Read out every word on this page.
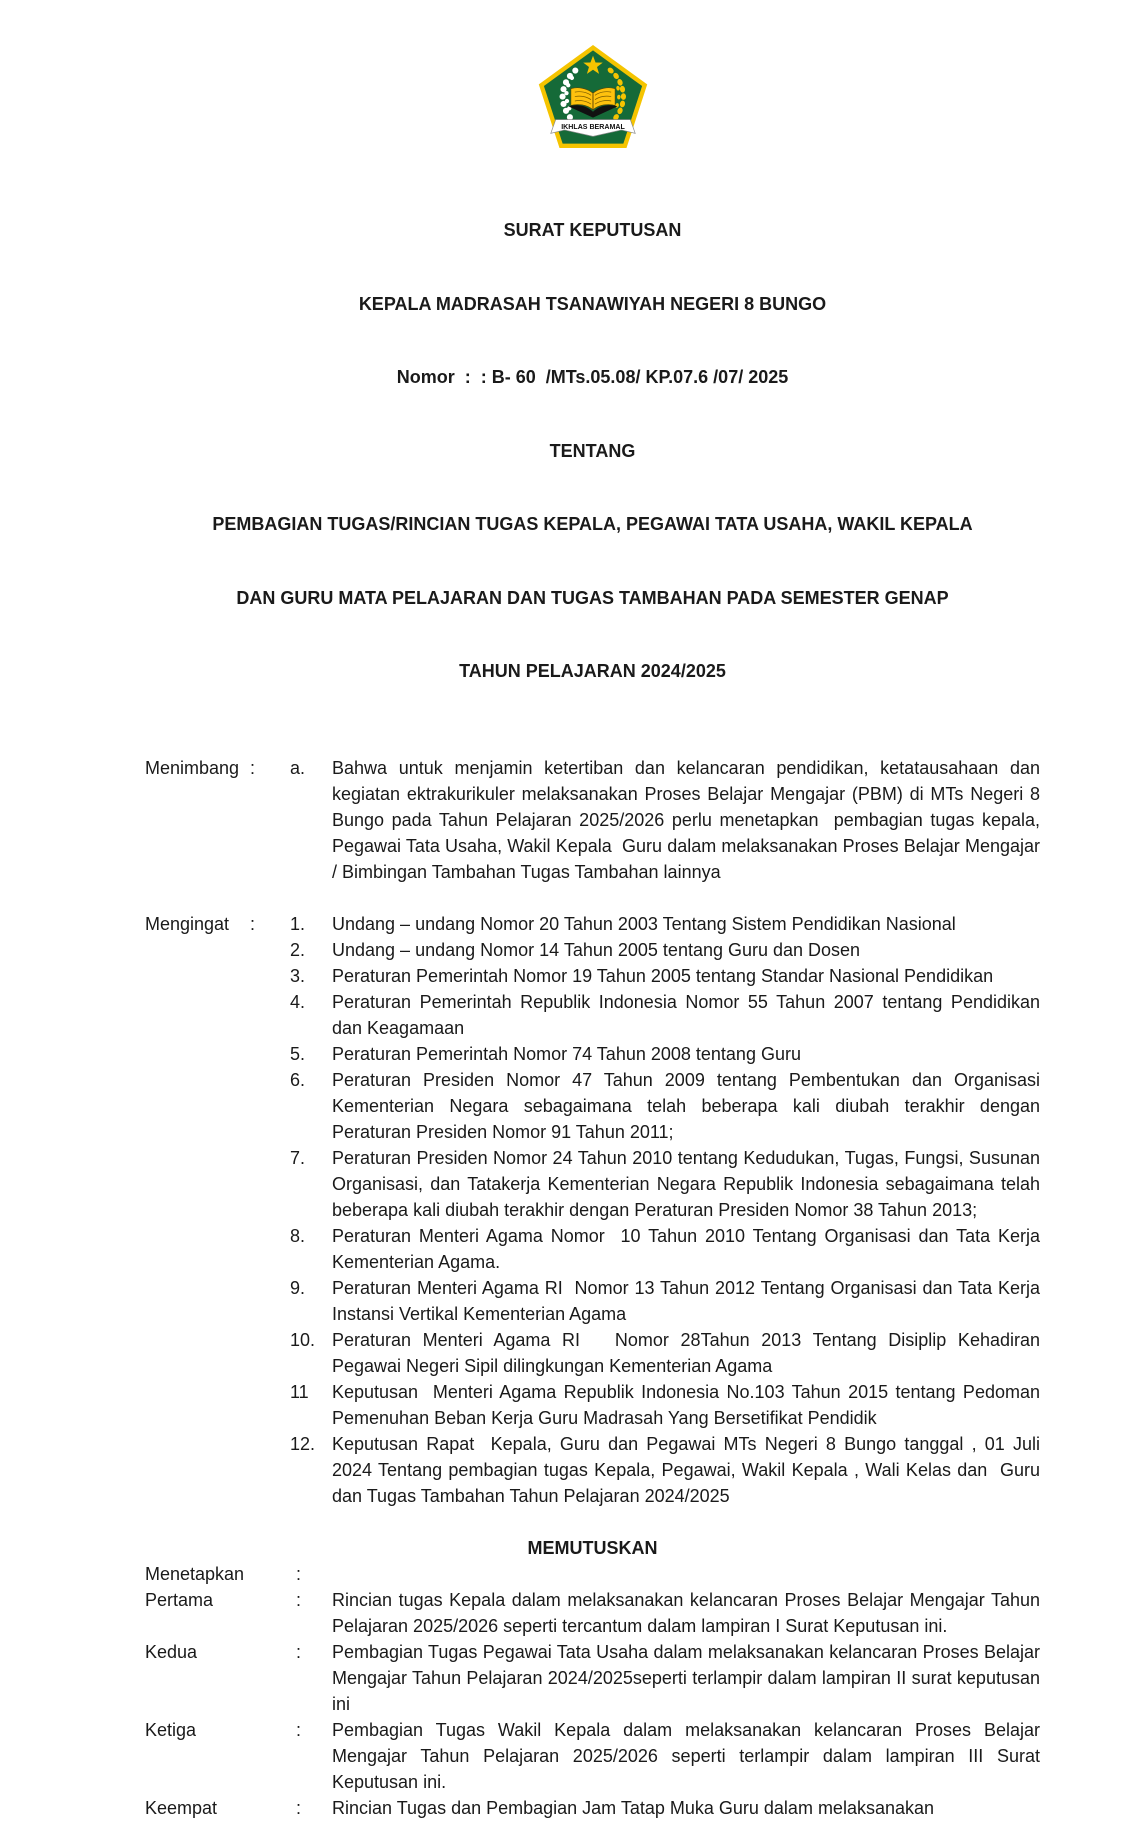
IKHLAS BERAMAL

SURAT KEPUTUSAN

KEPALA MADRASAH TSANAWIYAH NEGERI 8 BUNGO

Nomor  :  : B- 60  /MTs.05.08/ KP.07.6 /07/ 2025

TENTANG

PEMBAGIAN TUGAS/RINCIAN TUGAS KEPALA, PEGAWAI TATA USAHA, WAKIL KEPALA

DAN GURU MATA PELAJARAN DAN TUGAS TAMBAHAN PADA SEMESTER GENAP

TAHUN PELAJARAN 2024/2025

Menimbang :	a.	Bahwa untuk menjamin ketertiban dan kelancaran pendidikan, ketatausahaan dan  kegiatan ektrakurikuler melaksanakan Proses Belajar Mengajar (PBM) di MTs Negeri 8 Bungo pada Tahun Pelajaran 2025/2026 perlu menetapkan  pembagian tugas kepala, Pegawai Tata Usaha, Wakil Kepala  Guru dalam melaksanakan Proses Belajar Mengajar / Bimbingan Tambahan Tugas Tambahan lainnya
Mengingat	:	1.	Undang – undang Nomor 20 Tahun 2003 Tentang Sistem Pendidikan Nasional
2.	Undang – undang Nomor 14 Tahun 2005 tentang Guru dan Dosen
3.	Peraturan Pemerintah Nomor 19 Tahun 2005 tentang Standar Nasional Pendidikan
4.	Peraturan Pemerintah Republik Indonesia Nomor 55 Tahun 2007 tentang Pendidikan dan Keagamaan
5.	Peraturan Pemerintah Nomor 74 Tahun 2008 tentang Guru
6.	Peraturan Presiden Nomor 47 Tahun 2009 tentang Pembentukan dan Organisasi Kementerian Negara sebagaimana telah beberapa kali diubah terakhir dengan Peraturan Presiden Nomor 91 Tahun 2011;
7.	Peraturan Presiden Nomor 24 Tahun 2010 tentang Kedudukan, Tugas, Fungsi, Susunan Organisasi, dan Tatakerja Kementerian Negara Republik Indonesia sebagaimana telah beberapa kali diubah terakhir dengan Peraturan Presiden Nomor 38 Tahun 2013;
8.	Peraturan Menteri Agama Nomor  10 Tahun 2010 Tentang Organisasi dan Tata Kerja Kementerian Agama.
9.	Peraturan Menteri Agama RI  Nomor 13 Tahun 2012 Tentang Organisasi dan Tata Kerja Instansi Vertikal Kementerian Agama
10. Peraturan Menteri Agama RI   Nomor 28Tahun 2013 Tentang Disiplip Kehadiran Pegawai Negeri Sipil dilingkungan Kementerian Agama
11	Keputusan  Menteri Agama Republik Indonesia No.103 Tahun 2015 tentang Pedoman Pemenuhan Beban Kerja Guru Madrasah Yang Bersetifikat Pendidik
12. Keputusan Rapat  Kepala, Guru dan Pegawai MTs Negeri 8 Bungo tanggal , 01 Juli 2024 Tentang pembagian tugas Kepala, Pegawai, Wakil Kepala , Wali Kelas dan  Guru dan Tugas Tambahan Tahun Pelajaran 2024/2025
MEMUTUSKAN
Menetapkan	:
Pertama	:	Rincian tugas Kepala dalam melaksanakan kelancaran Proses Belajar Mengajar Tahun Pelajaran 2025/2026 seperti tercantum dalam lampiran I Surat Keputusan ini.
Kedua	:	Pembagian Tugas Pegawai Tata Usaha dalam melaksanakan kelancaran Proses Belajar Mengajar Tahun Pelajaran 2024/2025seperti terlampir dalam lampiran II surat keputusan ini
Ketiga	:	Pembagian Tugas Wakil Kepala dalam melaksanakan kelancaran Proses Belajar Mengajar Tahun Pelajaran 2025/2026 seperti terlampir dalam lampiran III Surat Keputusan ini.
Keempat	:	Rincian Tugas dan Pembagian Jam Tatap Muka Guru dalam melaksanakan
